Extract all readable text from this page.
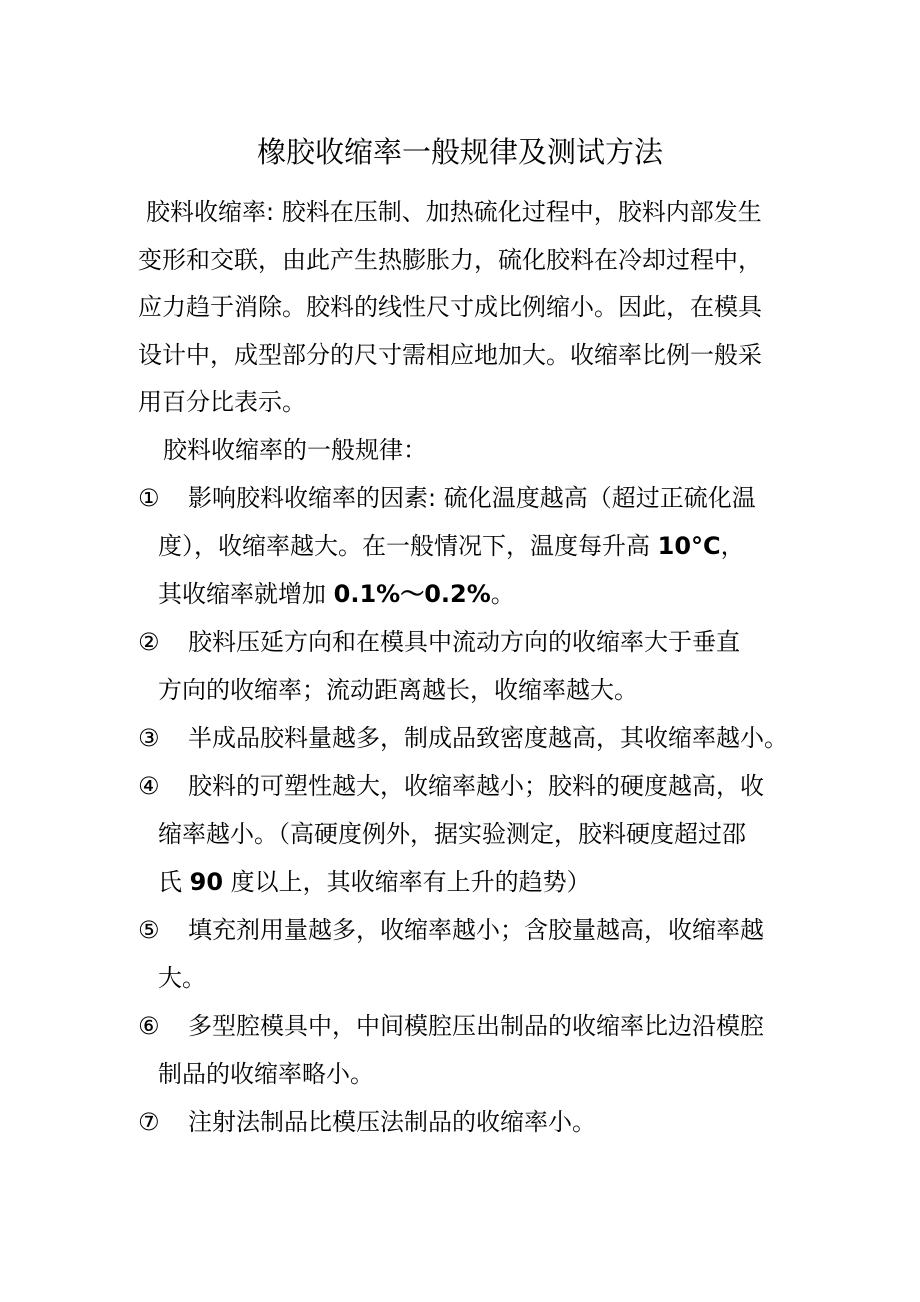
橡胶收缩率一般规律及测试方法

胶料收缩率: 胶料在压制、加热硫化过程中，胶料内部发生

变形和交联，由此产生热膨胀力，硫化胶料在冷却过程中，

应力趋于消除。胶料的线性尺寸成比例缩小。因此，在模具

设计中，成型部分的尺寸需相应地加大。收缩率比例一般采

用百分比表示。

胶料收缩率的一般规律：

① 影响胶料收缩率的因素: 硫化温度越高（超过正硫化温

度），收缩率越大。在一般情况下，温度每升高 10°C，

其收缩率就增加 0.1%～0.2%。

② 胶料压延方向和在模具中流动方向的收缩率大于垂直

方向的收缩率；流动距离越长，收缩率越大。

③ 半成品胶料量越多，制成品致密度越高，其收缩率越小。

④ 胶料的可塑性越大，收缩率越小；胶料的硬度越高，收

缩率越小。（高硬度例外，据实验测定，胶料硬度超过邵

氏 90 度以上，其收缩率有上升的趋势）

⑤ 填充剂用量越多，收缩率越小；含胶量越高，收缩率越

大。

⑥ 多型腔模具中，中间模腔压出制品的收缩率比边沿模腔

制品的收缩率略小。

⑦ 注射法制品比模压法制品的收缩率小。
